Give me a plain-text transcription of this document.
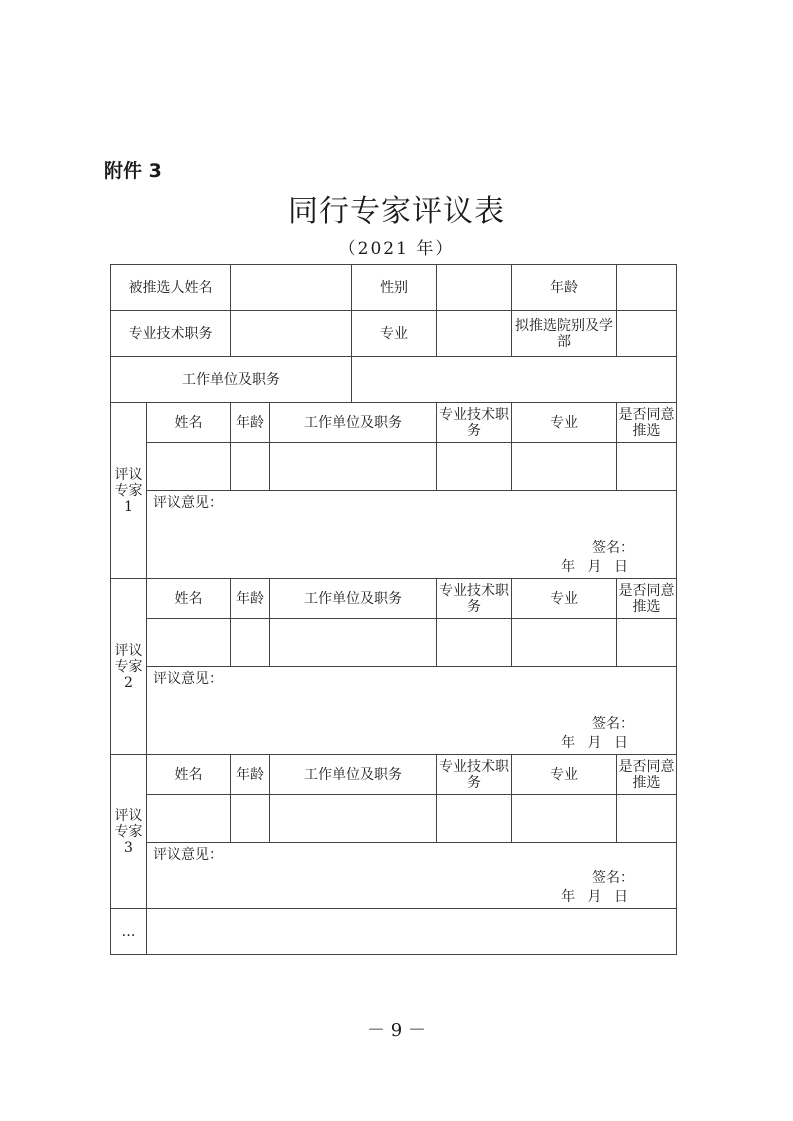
附件 3
同行专家评议表
（2021 年）
被推选人姓名				性别		年龄	
专业技术职务				专业		拟推选院别及学部	
工作单位及职务							
评议专家1	姓名	年龄	工作单位及职务		专业技术职务	专业	是否同意推选

	评议意见：
签名：
年 月 日						

评议专家2	姓名	年龄	工作单位及职务		专业技术职务	专业	是否同意推选

	评议意见：
签名：
年 月 日						

评议专家3	姓名	年龄	工作单位及职务		专业技术职务	专业	是否同意推选

	评议意见：
签名：
年 月 日						

…							
－ 9 －
